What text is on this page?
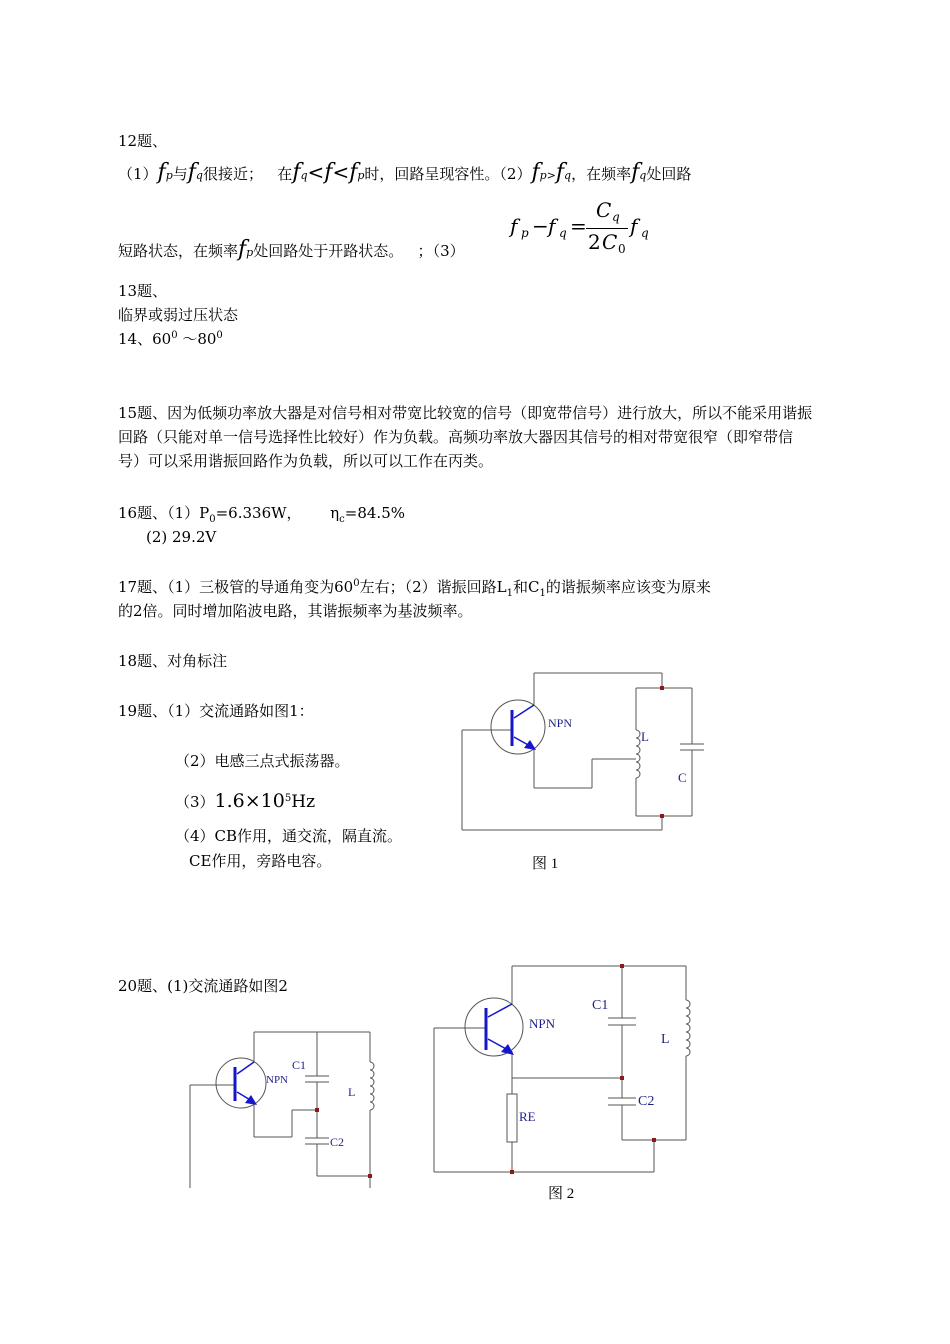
12题、
（1）fp与fq很接近； 在fq<f<fp时，回路呈现容性。（2）fp>fq，在频率fq处回路
短路状态，在频率fp处回路处于开路状态。 ；（3）
f p − f q =
C q
2 C 0
f q
13题、
临界或弱过压状态
14、$60^0$ $\sim 80^0$
15题、因为低频功率放大器是对信号相对带宽比较宽的信号（即宽带信号）进行放大，所以不能采用谐振回路（只能对单一信号选择性比较好）作为负载。高频功率放大器因其信号的相对带宽很窄（即窄带信号）可以采用谐振回路作为负载，所以可以工作在丙类。
16题、$(1)P_0=6.336W$， $\eta_c=84.5\%$
(2) 29.2V
17题、（1）三极管的导通角变为$60^0$左右；（2）谐振回路$L_1$和$C_1$的谐振频率应该变为原来
的2倍。同时增加陷波电路，其谐振频率为基波频率。
18题、对角标注
19题、（1）交流通路如图1：
（2）电感三点式振荡器。
$(3)1.6\times 10^5Hz$
（4）CB作用，通交流，隔直流。
CE作用，旁路电容。
20题、(1)交流通路如图2
NPN
L
C
图 1
NPN
C1
L
C2
NPN
C1
L
C2
RE
图 2
